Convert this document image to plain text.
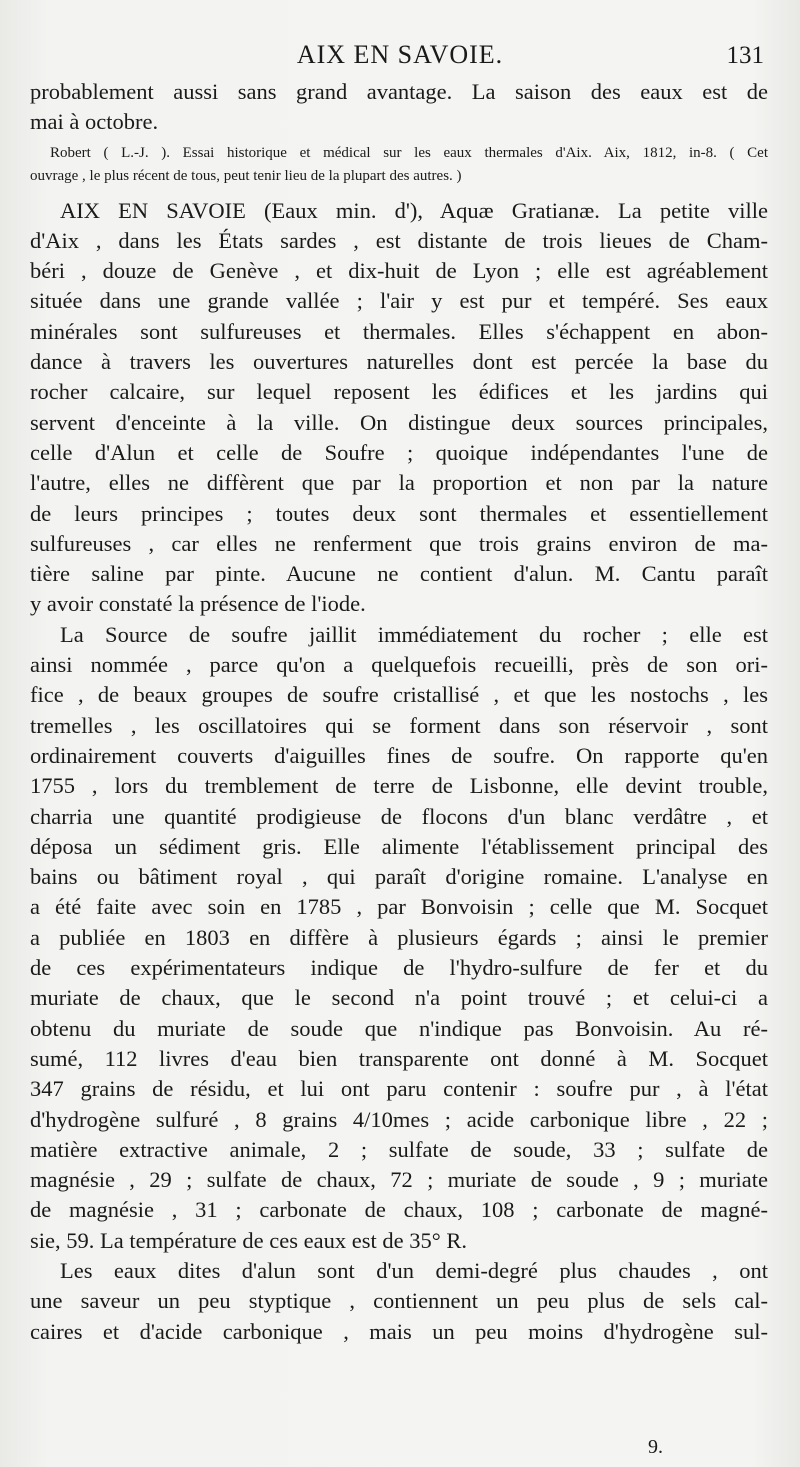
AIX EN SAVOIE.	131
probablement aussi sans grand avantage. La saison des eaux est de
mai à octobre.
Robert ( L.-J. ). Essai historique et médical sur les eaux thermales d'Aix. Aix, 1812, in-8. ( Cet
ouvrage , le plus récent de tous, peut tenir lieu de la plupart des autres. )
AIX EN SAVOIE (Eaux min. d'), Aquæ Gratianæ. La petite ville
d'Aix , dans les États sardes , est distante de trois lieues de Cham-
béri , douze de Genève , et dix-huit de Lyon ; elle est agréablement
située dans une grande vallée ; l'air y est pur et tempéré. Ses eaux
minérales sont sulfureuses et thermales. Elles s'échappent en abon-
dance à travers les ouvertures naturelles dont est percée la base du
rocher calcaire, sur lequel reposent les édifices et les jardins qui
servent d'enceinte à la ville. On distingue deux sources principales,
celle d'Alun et celle de Soufre ; quoique indépendantes l'une de
l'autre, elles ne diffèrent que par la proportion et non par la nature
de leurs principes ; toutes deux sont thermales et essentiellement
sulfureuses , car elles ne renferment que trois grains environ de ma-
tière saline par pinte. Aucune ne contient d'alun. M. Cantu paraît
y avoir constaté la présence de l'iode.
La Source de soufre jaillit immédiatement du rocher ; elle est
ainsi nommée , parce qu'on a quelquefois recueilli, près de son ori-
fice , de beaux groupes de soufre cristallisé , et que les nostochs , les
tremelles , les oscillatoires qui se forment dans son réservoir , sont
ordinairement couverts d'aiguilles fines de soufre. On rapporte qu'en
1755 , lors du tremblement de terre de Lisbonne, elle devint trouble,
charria une quantité prodigieuse de flocons d'un blanc verdâtre , et
déposa un sédiment gris. Elle alimente l'établissement principal des
bains ou bâtiment royal , qui paraît d'origine romaine. L'analyse en
a été faite avec soin en 1785 , par Bonvoisin ; celle que M. Socquet
a publiée en 1803 en diffère à plusieurs égards ; ainsi le premier
de ces expérimentateurs indique de l'hydro-sulfure de fer et du
muriate de chaux, que le second n'a point trouvé ; et celui-ci a
obtenu du muriate de soude que n'indique pas Bonvoisin. Au ré-
sumé, 112 livres d'eau bien transparente ont donné à M. Socquet
347 grains de résidu, et lui ont paru contenir : soufre pur , à l'état
d'hydrogène sulfuré , 8 grains 4/10mes ; acide carbonique libre , 22 ;
matière extractive animale, 2 ; sulfate de soude, 33 ; sulfate de
magnésie , 29 ; sulfate de chaux, 72 ; muriate de soude , 9 ; muriate
de magnésie , 31 ; carbonate de chaux, 108 ; carbonate de magné-
sie, 59. La température de ces eaux est de 35° R.
Les eaux dites d'alun sont d'un demi-degré plus chaudes , ont
une saveur un peu styptique , contiennent un peu plus de sels cal-
caires et d'acide carbonique , mais un peu moins d'hydrogène sul-
9.
